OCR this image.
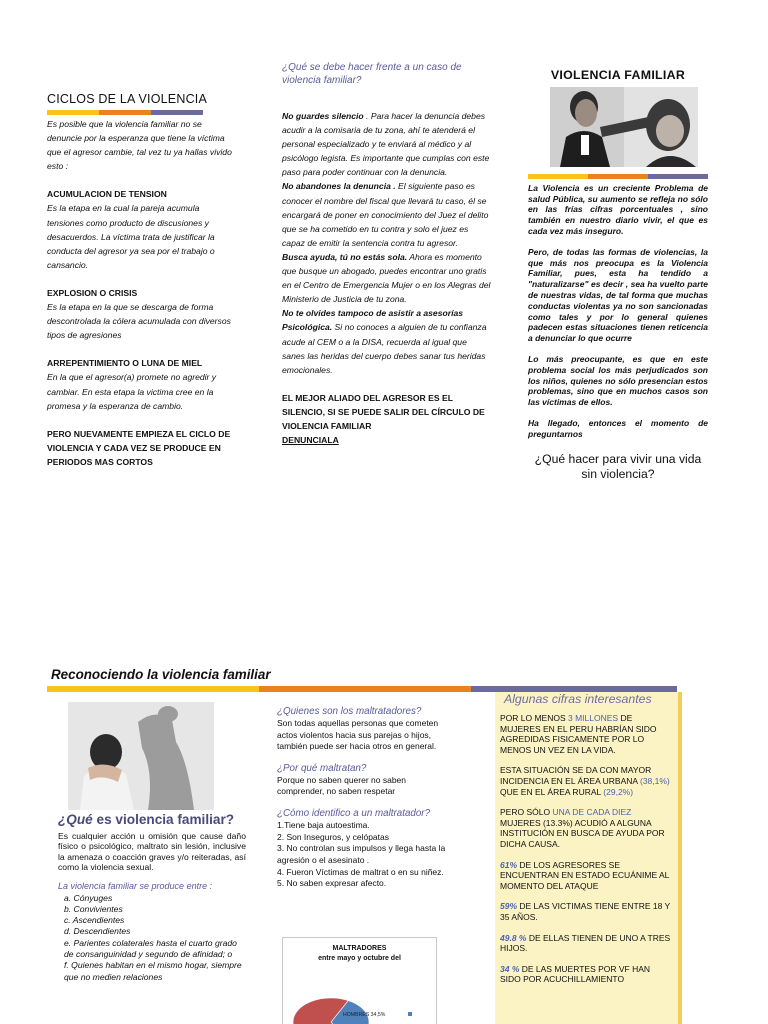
CICLOS DE LA VIOLENCIA

Es posible que la violencia familiar no se denuncie por la esperanza que tiene la víctima que el agresor cambie, tal vez tu ya hallas vivido esto :

ACUMULACION DE TENSION

Es la etapa en la cual la pareja acumula tensiones como producto de discusiones y desacuerdos. La víctima trata de justificar la conducta del agresor ya sea por el trabajo o cansancio.

EXPLOSION O CRISIS

Es la etapa en la que se descarga de forma descontrolada la cólera acumulada con diversos tipos de agresiones

ARREPENTIMIENTO O LUNA DE MIEL

En la que el agresor(a) promete no agredir y cambiar. En esta etapa la victima cree en la promesa y la esperanza de cambio.

PERO NUEVAMENTE EMPIEZA EL CICLO DE VIOLENCIA Y CADA VEZ SE PRODUCE EN PERIODOS MAS CORTOS

¿Qué se debe hacer frente a un caso de violencia familiar?

No guardes silencio . Para hacer la denuncia debes acudir a la comisaria de tu zona, ahí te atenderá el personal especializado y te enviará al médico y al psicólogo legista. Es importante que cumplas con este paso para poder continuar con la denuncia.

No abandones la denuncia . El siguiente paso es conocer el nombre del fiscal que llevará tu caso, él se encargará de poner en conocimiento del Juez el delito que se ha cometido en tu contra y solo el juez es capaz de emitir la sentencia contra tu agresor.

Busca ayuda, tú no estás sola. Ahora es momento que busque un abogado, puedes encontrar uno gratis en el Centro de Emergencia Mujer o en los Alegras del Ministerio de Justicia de tu zona.

No te olvides tampoco de asistir a asesorías Psicológica. Si no conoces a alguien de tu confianza acude al CEM o a la DISA, recuerda al igual que sanes las heridas del cuerpo debes sanar tus heridas emocionales.

EL MEJOR ALIADO DEL AGRESOR ES EL SILENCIO, SI SE PUEDE SALIR DEL CÍRCULO DE VIOLENCIA FAMILIAR
DENUNCIALA

VIOLENCIA FAMILIAR

La Violencia es un creciente Problema de salud Pública, su aumento se refleja no sólo en las frías cifras porcentuales , sino también en nuestro diario vivir, el que es cada vez más inseguro.

Pero, de todas las formas de violencias, la que más nos preocupa es la Violencia Familiar, pues, esta ha tendido a "naturalizarse" es decir , sea ha vuelto parte de nuestras vidas, de tal forma que muchas conductas violentas ya no son sancionadas como tales y por lo general quienes padecen estas situaciones tienen reticencia a denunciar lo que ocurre

Lo más preocupante, es que en este problema social los más perjudicados son los niños, quienes no sólo presencian estos problemas, sino que en muchos casos son las víctimas de ellos.

Ha llegado, entonces el momento de preguntarnos

¿Qué hacer para vivir una vida sin violencia?

Reconociendo la violencia familiar
¿Qué es violencia familiar?

Es cualquier acción u omisión que cause daño físico o psicológico, maltrato sin lesión, inclusive la amenaza o coacción graves y/o reiteradas, así como la violencia sexual.

La violencia familiar se produce entre :

a. Cónyuges
b. Convivientes
c. Ascendientes
d. Descendientes
e. Parientes colaterales hasta el cuarto grado de consanguinidad y segundo de afinidad; o
f. Quienes habitan en el mismo hogar, siempre que no medien relaciones

¿Quienes son los maltratadores?

Son todas aquellas personas que cometen actos violentos hacia sus parejas o hijos, también puede ser hacia otros en general.

¿Por qué maltratan?

Porque no saben querer no saben comprender, no saben respetar

¿Cómo identifico a un maltratador?

1.Tiene baja autoestima.

2. Son Inseguros, y celópatas

3. No controlan sus impulsos y llega hasta la agresión o el asesinato .

4. Fueron Víctimas de maltrat o en su niñez.

5. No saben expresar afecto.

MALTRADORES
entre mayo y octubre del
HOMBRES 34,5%

Algunas cifras interesantes

POR LO MENOS 3 MILLONES DE MUJERES EN EL PERU HABRÍAN SIDO AGREDIDAS FISICAMENTE POR LO MENOS UN VEZ EN LA VIDA.

ESTA SITUACIÓN SE DA CON MAYOR INCIDENCIA EN EL ÁREA URBANA (38,1%) QUE EN EL ÁREA RURAL (29,2%)

PERO SÓLO UNA DE CADA DIEZ MUJERES (13.3%) ACUDIÓ A ALGUNA INSTITUCIÓN EN BUSCA DE AYUDA POR DICHA CAUSA.

61% DE LOS AGRESORES SE ENCUENTRAN EN ESTADO ECUÁNIME AL MOMENTO DEL ATAQUE

59% DE LAS VICTIMAS TIENE ENTRE 18 Y 35 AÑOS.

49.8 % DE ELLAS TIENEN DE UNO A TRES HIJOS.

34 % DE LAS MUERTES POR VF HAN SIDO POR ACUCHILLAMIENTO
